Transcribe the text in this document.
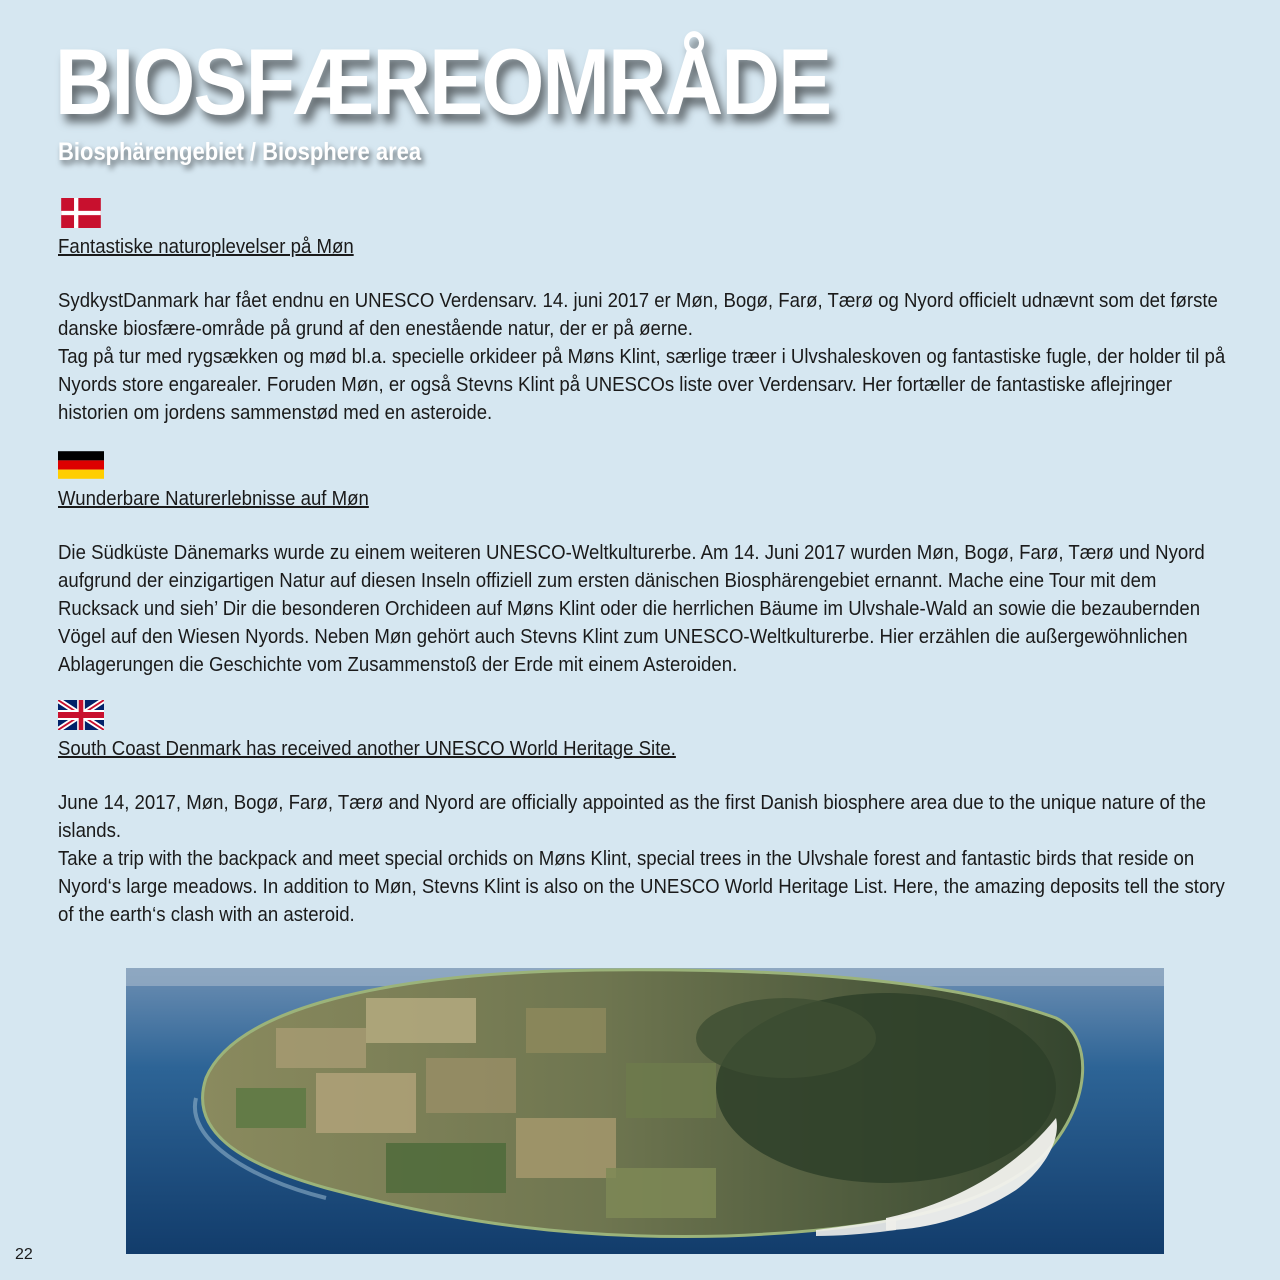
BIOSFÆREOMRÅDE
Biosphärengebiet / Biosphere area
Fantastiske naturoplevelser på Møn

SydkystDanmark har fået endnu en UNESCO Verdensarv. 14. juni 2017 er Møn, Bogø, Farø, Tærø og Nyord officielt udnævnt som det første danske biosfære-område på grund af den enestående natur, der er på øerne.

Tag på tur med rygsækken og mød bl.a. specielle orkideer på Møns Klint, særlige træer i Ulvshaleskoven og fantastiske fugle, der holder til på Nyords store engarealer. Foruden Møn, er også Stevns Klint på UNESCOs liste over Verdensarv. Her fortæller de fantastiske aflejringer historien om jordens sammenstød med en asteroide.

Wunderbare Naturerlebnisse auf Møn

Die Südküste Dänemarks wurde zu einem weiteren UNESCO-Weltkulturerbe. Am 14. Juni 2017 wurden Møn, Bogø, Farø, Tærø und Nyord aufgrund der einzigartigen Natur auf diesen Inseln offiziell zum ersten dänischen Biosphärengebiet ernannt. Mache eine Tour mit dem Rucksack und sieh’ Dir die besonderen Orchideen auf Møns Klint oder die herrlichen Bäume im Ulvshale-Wald an sowie die bezaubernden Vögel auf den Wiesen Nyords. Neben Møn gehört auch Stevns Klint zum UNESCO-Weltkulturerbe. Hier erzählen die außergewöhnlichen Ablagerungen die Geschichte vom Zusammenstoß der Erde mit einem Asteroiden.

South Coast Denmark has received another UNESCO World Heritage Site.

June 14, 2017, Møn, Bogø, Farø, Tærø and Nyord are officially appointed as the first Danish biosphere area due to the unique nature of the islands.

Take a trip with the backpack and meet special orchids on Møns Klint, special trees in the Ulvshale forest and fantastic birds that reside on Nyord‘s large meadows. In addition to Møn, Stevns Klint is also on the UNESCO World Heritage List. Here, the amazing deposits tell the story of the earth‘s clash with an asteroid.

22
